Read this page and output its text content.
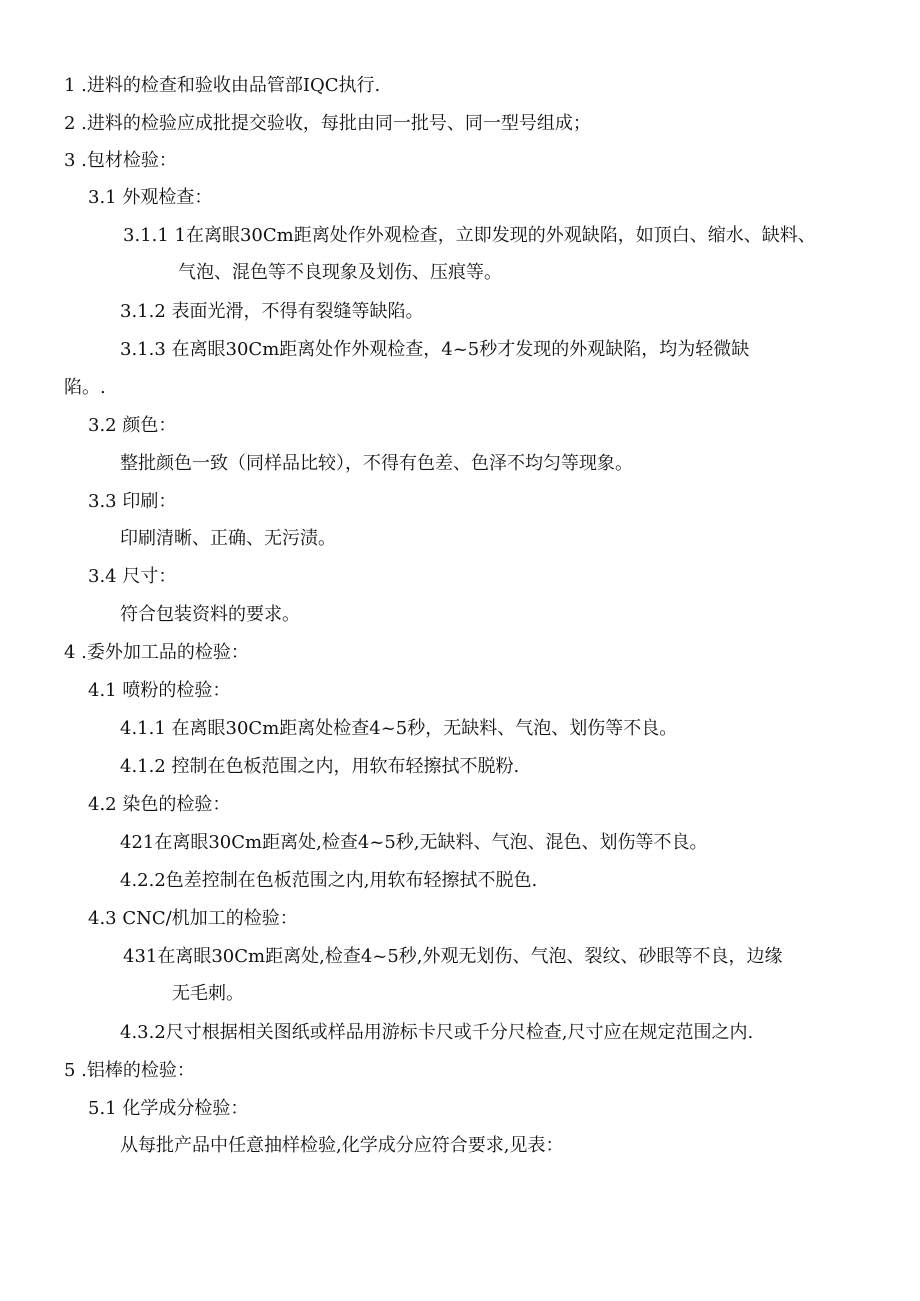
1 .进料的检查和验收由品管部IQC执行.
2 .进料的检验应成批提交验收，每批由同一批号、同一型号组成；
3 .包材检验：
3.1 外观检查：
3.1.1 1在离眼30Cm距离处作外观检查，立即发现的外观缺陷，如顶白、缩水、缺料、
气泡、混色等不良现象及划伤、压痕等。
3.1.2 表面光滑，不得有裂缝等缺陷。
3.1.3 在离眼30Cm距离处作外观检查，4~5秒才发现的外观缺陷，均为轻微缺
陷。.
3.2 颜色：
整批颜色一致（同样品比较），不得有色差、色泽不均匀等现象。
3.3 印刷：
印刷清晰、正确、无污渍。
3.4 尺寸：
符合包装资料的要求。
4 .委外加工品的检验：
4.1 喷粉的检验：
4.1.1 在离眼30Cm距离处检查4~5秒，无缺料、气泡、划伤等不良。
4.1.2 控制在色板范围之内，用软布轻擦拭不脱粉.
4.2 染色的检验：
421在离眼30Cm距离处,检查4~5秒,无缺料、气泡、混色、划伤等不良。
4.2.2色差控制在色板范围之内,用软布轻擦拭不脱色.
4.3 CNC/机加工的检验：
431在离眼30Cm距离处,检查4~5秒,外观无划伤、气泡、裂纹、砂眼等不良，边缘
无毛刺。
4.3.2尺寸根据相关图纸或样品用游标卡尺或千分尺检查,尺寸应在规定范围之内.
5 .铝棒的检验：
5.1 化学成分检验：
从每批产品中任意抽样检验,化学成分应符合要求,见表：
